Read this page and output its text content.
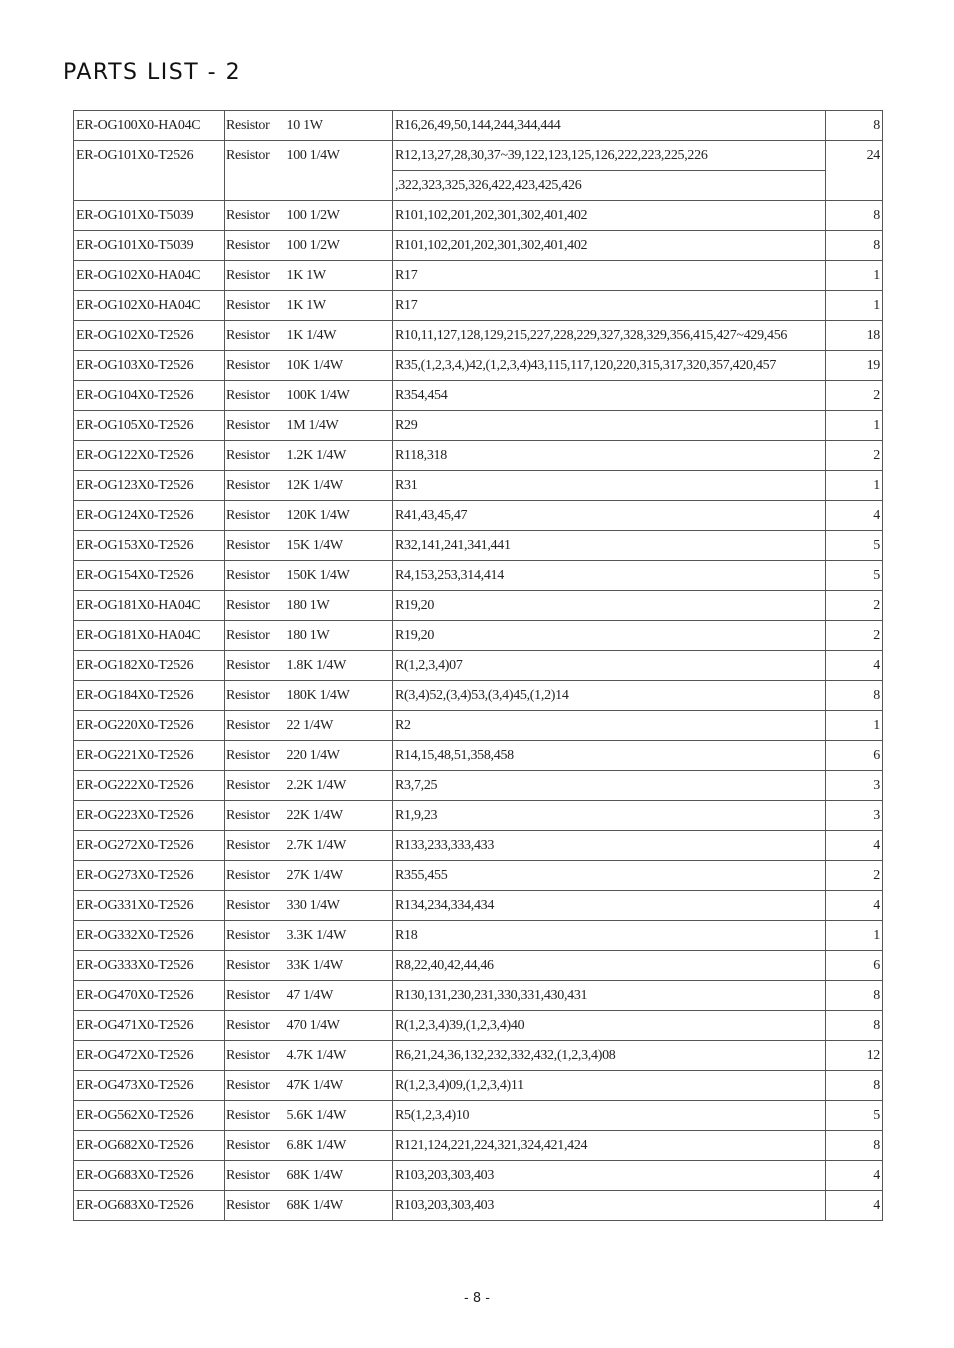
PARTS LIST - 2
ER-OG100X0-HA04C	Resistor	10 1W	R16,26,49,50,144,244,344,444	8
ER-OG101X0-T2526	Resistor	100 1/4W	R12,13,27,28,30,37~39,122,123,125,126,222,223,225,226	24
			,322,323,325,326,422,423,425,426	
ER-OG101X0-T5039	Resistor	100 1/2W	R101,102,201,202,301,302,401,402	8
ER-OG101X0-T5039	Resistor	100 1/2W	R101,102,201,202,301,302,401,402	8
ER-OG102X0-HA04C	Resistor	1K 1W	R17	1
ER-OG102X0-HA04C	Resistor	1K 1W	R17	1
ER-OG102X0-T2526	Resistor	1K 1/4W	R10,11,127,128,129,215,227,228,229,327,328,329,356,415,427~429,456	18
ER-OG103X0-T2526	Resistor	10K 1/4W	R35,(1,2,3,4,)42,(1,2,3,4)43,115,117,120,220,315,317,320,357,420,457	19
ER-OG104X0-T2526	Resistor	100K 1/4W	R354,454	2
ER-OG105X0-T2526	Resistor	1M 1/4W	R29	1
ER-OG122X0-T2526	Resistor	1.2K 1/4W	R118,318	2
ER-OG123X0-T2526	Resistor	12K 1/4W	R31	1
ER-OG124X0-T2526	Resistor	120K 1/4W	R41,43,45,47	4
ER-OG153X0-T2526	Resistor	15K 1/4W	R32,141,241,341,441	5
ER-OG154X0-T2526	Resistor	150K 1/4W	R4,153,253,314,414	5
ER-OG181X0-HA04C	Resistor	180 1W	R19,20	2
ER-OG181X0-HA04C	Resistor	180 1W	R19,20	2
ER-OG182X0-T2526	Resistor	1.8K 1/4W	R(1,2,3,4)07	4
ER-OG184X0-T2526	Resistor	180K 1/4W	R(3,4)52,(3,4)53,(3,4)45,(1,2)14	8
ER-OG220X0-T2526	Resistor	22 1/4W	R2	1
ER-OG221X0-T2526	Resistor	220 1/4W	R14,15,48,51,358,458	6
ER-OG222X0-T2526	Resistor	2.2K 1/4W	R3,7,25	3
ER-OG223X0-T2526	Resistor	22K 1/4W	R1,9,23	3
ER-OG272X0-T2526	Resistor	2.7K 1/4W	R133,233,333,433	4
ER-OG273X0-T2526	Resistor	27K 1/4W	R355,455	2
ER-OG331X0-T2526	Resistor	330 1/4W	R134,234,334,434	4
ER-OG332X0-T2526	Resistor	3.3K 1/4W	R18	1
ER-OG333X0-T2526	Resistor	33K 1/4W	R8,22,40,42,44,46	6
ER-OG470X0-T2526	Resistor	47 1/4W	R130,131,230,231,330,331,430,431	8
ER-OG471X0-T2526	Resistor	470 1/4W	R(1,2,3,4)39,(1,2,3,4)40	8
ER-OG472X0-T2526	Resistor	4.7K 1/4W	R6,21,24,36,132,232,332,432,(1,2,3,4)08	12
ER-OG473X0-T2526	Resistor	47K 1/4W	R(1,2,3,4)09,(1,2,3,4)11	8
ER-OG562X0-T2526	Resistor	5.6K 1/4W	R5(1,2,3,4)10	5
ER-OG682X0-T2526	Resistor	6.8K 1/4W	R121,124,221,224,321,324,421,424	8
ER-OG683X0-T2526	Resistor	68K 1/4W	R103,203,303,403	4
ER-OG683X0-T2526	Resistor	68K 1/4W	R103,203,303,403	4
- 8 -
